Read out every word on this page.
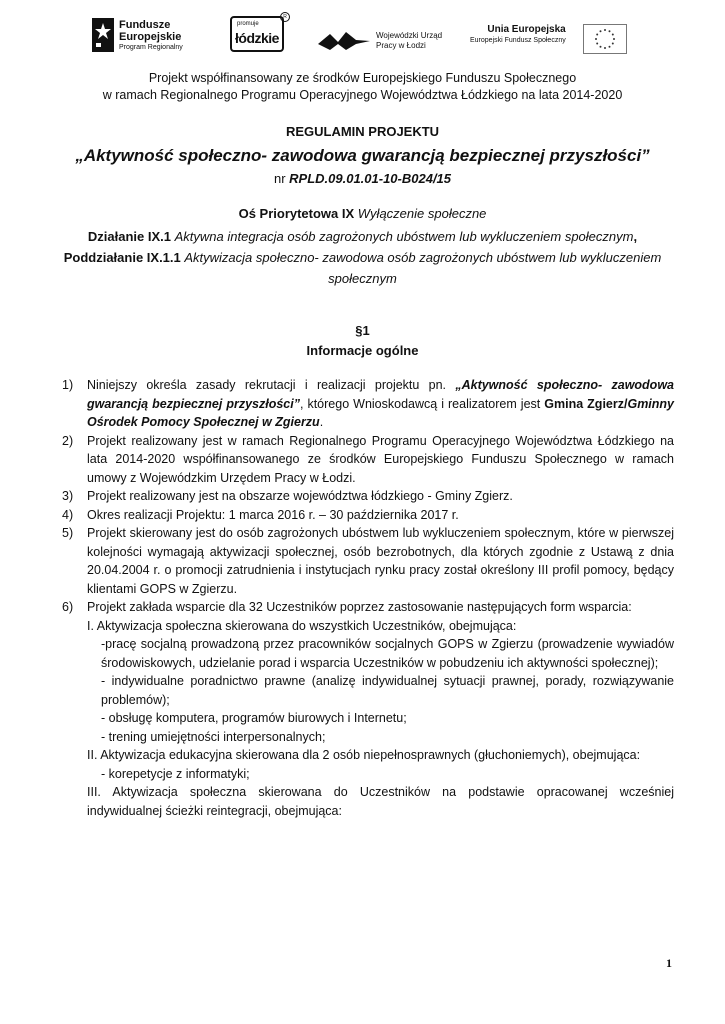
Fundusze
Europejskie
Program Regionalny
promuje
łódzkie
R
Wojewódzki Urząd
Pracy w Łodzi
Unia Europejska
Europejski Fundusz Społeczny
Projekt współfinansowany ze środków Europejskiego Funduszu Społecznego
w ramach Regionalnego Programu Operacyjnego Województwa Łódzkiego na lata 2014-2020
REGULAMIN PROJEKTU
„Aktywność społeczno- zawodowa gwarancją bezpiecznej przyszłości”
nr RPLD.09.01.01-10-B024/15
Oś Priorytetowa IX Wyłączenie społeczne
Działanie IX.1 Aktywna integracja osób zagrożonych ubóstwem lub wykluczeniem społecznym,
Poddziałanie IX.1.1 Aktywizacja społeczno- zawodowa osób zagrożonych ubóstwem lub wykluczeniem społecznym
§1
Informacje ogólne
1) Niniejszy określa zasady rekrutacji i realizacji projektu pn. „Aktywność społeczno- zawodowa gwarancją bezpiecznej przyszłości”, którego Wnioskodawcą i realizatorem jest Gmina Zgierz/Gminny Ośrodek Pomocy Społecznej w Zgierzu.
2) Projekt realizowany jest w ramach Regionalnego Programu Operacyjnego Województwa Łódzkiego na lata 2014-2020 współfinansowanego ze środków Europejskiego Funduszu Społecznego w ramach umowy z Wojewódzkim Urzędem Pracy w Łodzi.
3) Projekt realizowany jest na obszarze województwa łódzkiego - Gminy Zgierz.
4) Okres realizacji Projektu: 1 marca 2016 r. – 30 października 2017 r.
5) Projekt skierowany jest do osób zagrożonych ubóstwem lub wykluczeniem społecznym, które w pierwszej kolejności wymagają aktywizacji społecznej, osób bezrobotnych, dla których zgodnie z Ustawą z dnia 20.04.2004 r. o promocji zatrudnienia i instytucjach rynku pracy został określony III profil pomocy, będący klientami GOPS w Zgierzu.
6) Projekt zakłada wsparcie dla 32 Uczestników poprzez zastosowanie następujących form wsparcia:
I. Aktywizacja społeczna skierowana do wszystkich Uczestników, obejmująca:
-pracę socjalną prowadzoną przez pracowników socjalnych GOPS w Zgierzu (prowadzenie wywiadów środowiskowych, udzielanie porad i wsparcia Uczestników w pobudzeniu ich aktywności społecznej);
- indywidualne poradnictwo prawne (analizę indywidualnej sytuacji prawnej, porady, rozwiązywanie problemów);
- obsługę komputera, programów biurowych i Internetu;
- trening umiejętności interpersonalnych;
II. Aktywizacja edukacyjna skierowana dla 2 osób niepełnosprawnych (głuchoniemych), obejmująca:
- korepetycje z informatyki;
III. Aktywizacja społeczna skierowana do Uczestników na podstawie opracowanej wcześniej indywidualnej ścieżki reintegracji, obejmująca:
1
